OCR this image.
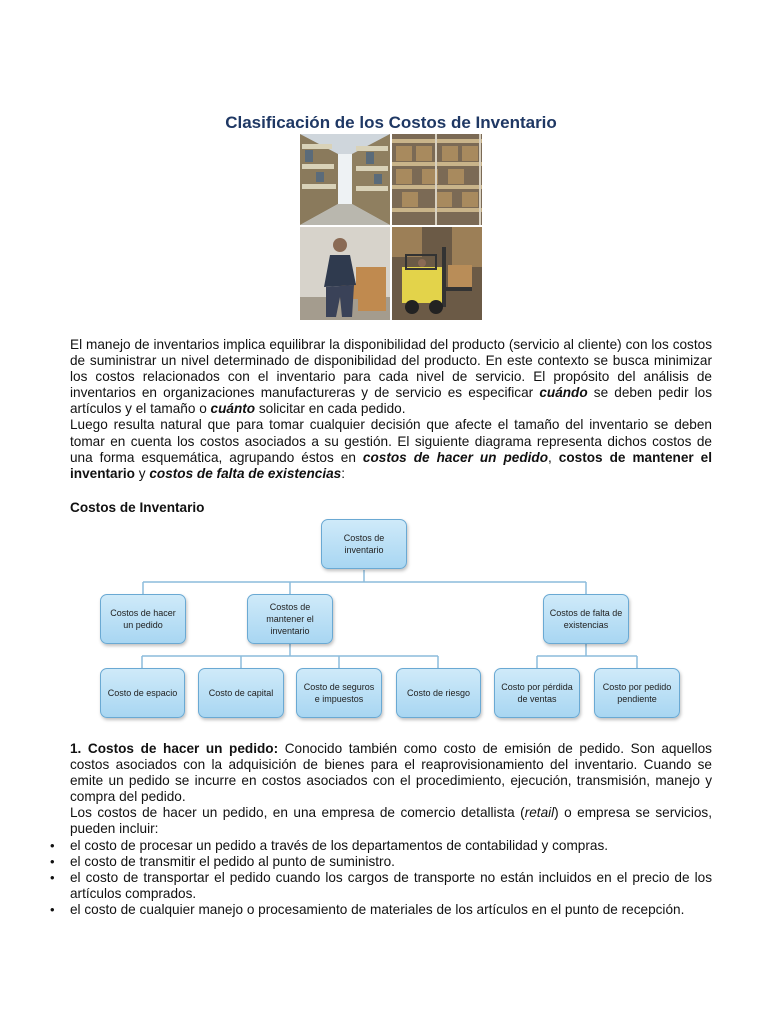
Clasificación de los Costos de Inventario

El manejo de inventarios implica equilibrar la disponibilidad del producto (servicio al cliente) con los costos de suministrar un nivel determinado de disponibilidad del producto. En este contexto se busca minimizar los costos relacionados con el inventario para cada nivel de servicio. El propósito del análisis de inventarios en organizaciones manufactureras y de servicio es especificar cuándo se deben pedir los artículos y el tamaño o cuánto solicitar en cada pedido.

Luego resulta natural que para tomar cualquier decisión que afecte el tamaño del inventario se deben tomar en cuenta los costos asociados a su gestión. El siguiente diagrama representa dichos costos de una forma esquemática, agrupando éstos en costos de hacer un pedido, costos de mantener el inventario y costos de falta de existencias:

Costos de Inventario
Costos de inventario
Costos de hacer un pedido
Costos de mantener el inventario
Costos de falta de existencias
Costo de espacio	Costo de capital
Costo de seguros e impuestos
Costo de riesgo
Costo por pérdida de ventas
Costo por pedido pendiente

1. Costos de hacer un pedido: Conocido también como costo de emisión de pedido. Son aquellos costos asociados con la adquisición de bienes para el reaprovisionamiento del inventario. Cuando se emite un pedido se incurre en costos asociados con el procedimiento, ejecución, transmisión, manejo y compra del pedido.

Los costos de hacer un pedido, en una empresa de comercio detallista (retail) o empresa se servicios, pueden incluir:

• el costo de procesar un pedido a través de los departamentos de contabilidad y compras.
• el costo de transmitir el pedido al punto de suministro.
• el costo de transportar el pedido cuando los cargos de transporte no están incluidos en el precio de los artículos comprados.
• el costo de cualquier manejo o procesamiento de materiales de los artículos en el punto de recepción.
